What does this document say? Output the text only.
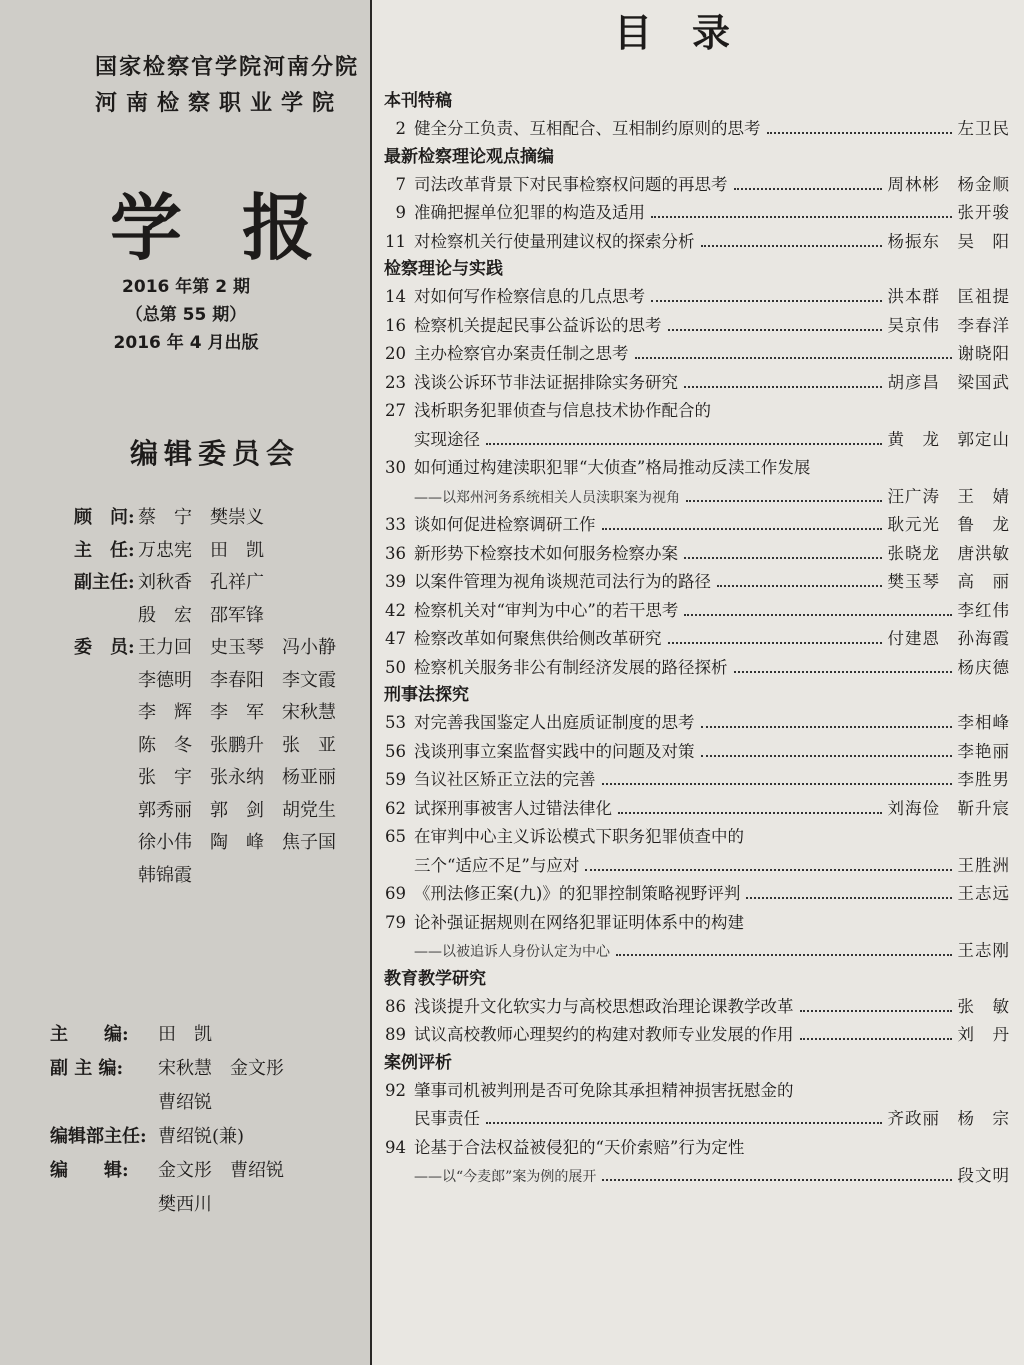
国家检察官学院河南分院
河南检察职业学院
学报
2016 年第 2 期
（总第 55 期）
2016 年 4 月出版
编辑委员会
顾　问: 蔡　宁　樊崇义
主　任: 万忠宪　田　凯
副主任: 刘秋香　孔祥广
殷　宏　邵军锋
委　员: 王力回　史玉琴　冯小静
李德明　李春阳　李文霞
李　辉　李　军　宋秋慧
陈　冬　张鹏升　张　亚
张　宇　张永纳　杨亚丽
郭秀丽　郭　剑　胡党生
徐小伟　陶　峰　焦子国
韩锦霞
主　　编:	田　凯
副 主 编:	宋秋慧　金文彤
曹绍锐
编辑部主任: 曹绍锐(兼)
编　　辑:	金文彤　曹绍锐
樊西川
目录
本刊特稿
2 健全分工负责、互相配合、互相制约原则的思考	左卫民
最新检察理论观点摘编
7 司法改革背景下对民事检察权问题的再思考	周林彬　杨金顺
9 准确把握单位犯罪的构造及适用	张开骏
11 对检察机关行使量刑建议权的探索分析	杨振东　吴　阳
检察理论与实践
14 对如何写作检察信息的几点思考	洪本群　匡祖提
16 检察机关提起民事公益诉讼的思考	吴京伟　李春洋
20 主办检察官办案责任制之思考	谢晓阳
23 浅谈公诉环节非法证据排除实务研究	胡彦昌　梁国武
27 浅析职务犯罪侦查与信息技术协作配合的
实现途径	黄　龙　郭定山
30 如何通过构建渎职犯罪“大侦查”格局推动反渎工作发展
——以郑州河务系统相关人员渎职案为视角	汪广涛　王　婧
33 谈如何促进检察调研工作	耿元光　鲁　龙
36 新形势下检察技术如何服务检察办案	张晓龙　唐洪敏
39 以案件管理为视角谈规范司法行为的路径	樊玉琴　高　丽
42 检察机关对“审判为中心”的若干思考	李红伟
47 检察改革如何聚焦供给侧改革研究	付建恩　孙海霞
50 检察机关服务非公有制经济发展的路径探析	杨庆德
刑事法探究
53 对完善我国鉴定人出庭质证制度的思考	李相峰
56 浅谈刑事立案监督实践中的问题及对策	李艳丽
59 刍议社区矫正立法的完善	李胜男
62 试探刑事被害人过错法律化	刘海俭　靳升宸
65 在审判中心主义诉讼模式下职务犯罪侦查中的
三个“适应不足”与应对	王胜洲
69 《刑法修正案(九)》的犯罪控制策略视野评判	王志远
79 论补强证据规则在网络犯罪证明体系中的构建
——以被追诉人身份认定为中心	王志刚
教育教学研究
86 浅谈提升文化软实力与高校思想政治理论课教学改革	张　敏
89 试议高校教师心理契约的构建对教师专业发展的作用	刘　丹
案例评析
92 肇事司机被判刑是否可免除其承担精神损害抚慰金的
民事责任	齐政丽　杨　宗
94 论基于合法权益被侵犯的“天价索赔”行为定性
——以“今麦郎”案为例的展开	段文明
